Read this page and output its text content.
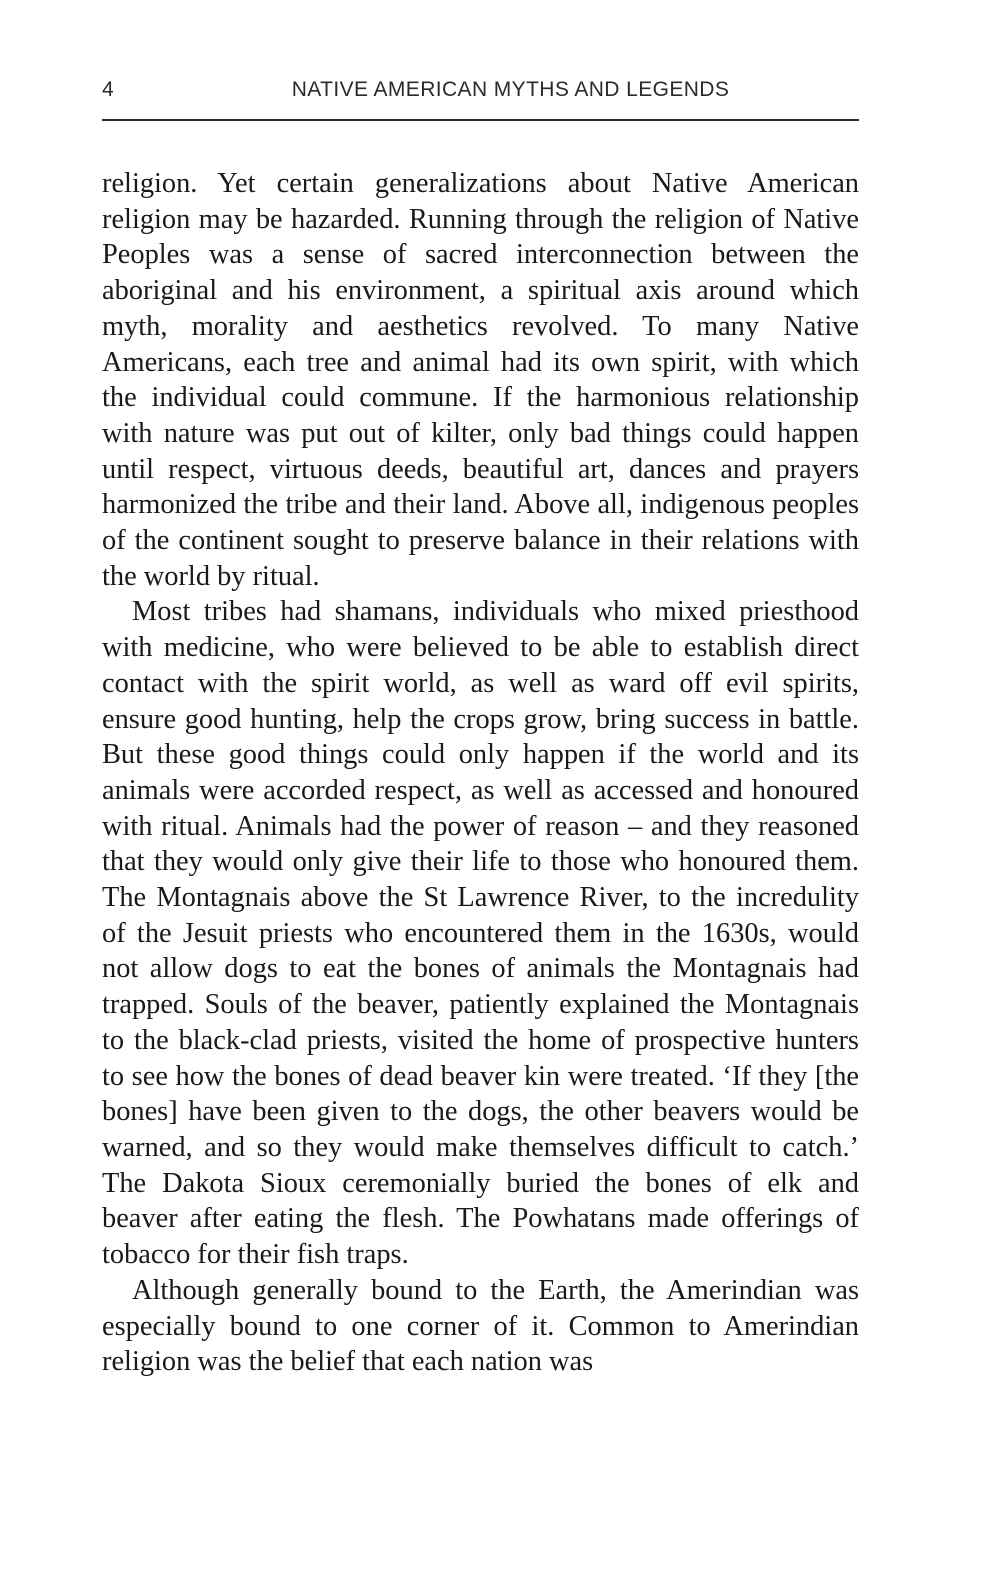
4	NATIVE AMERICAN MYTHS AND LEGENDS

religion. Yet certain generalizations about Native American religion may be hazarded. Running through the religion of Native Peoples was a sense of sacred interconnection between the aboriginal and his environment, a spiritual axis around which myth, morality and aesthetics revolved. To many Native Americans, each tree and animal had its own spirit, with which the individual could commune. If the harmonious relationship with nature was put out of kilter, only bad things could happen until respect, virtuous deeds, beautiful art, dances and prayers harmonized the tribe and their land. Above all, indigenous peoples of the continent sought to preserve balance in their relations with the world by ritual.

Most tribes had shamans, individuals who mixed priesthood with medicine, who were believed to be able to establish direct contact with the spirit world, as well as ward off evil spirits, ensure good hunting, help the crops grow, bring success in battle. But these good things could only happen if the world and its animals were accorded respect, as well as accessed and honoured with ritual. Animals had the power of reason – and they reasoned that they would only give their life to those who honoured them. The Montagnais above the St Lawrence River, to the incredulity of the Jesuit priests who encountered them in the 1630s, would not allow dogs to eat the bones of animals the Montagnais had trapped. Souls of the beaver, patiently explained the Montagnais to the black-clad priests, visited the home of prospective hunters to see how the bones of dead beaver kin were treated. ‘If they [the bones] have been given to the dogs, the other beavers would be warned, and so they would make themselves difficult to catch.’ The Dakota Sioux ceremonially buried the bones of elk and beaver after eating the flesh. The Powhatans made offerings of tobacco for their fish traps.

Although generally bound to the Earth, the Amerindian was especially bound to one corner of it. Common to Amerindian religion was the belief that each nation was
